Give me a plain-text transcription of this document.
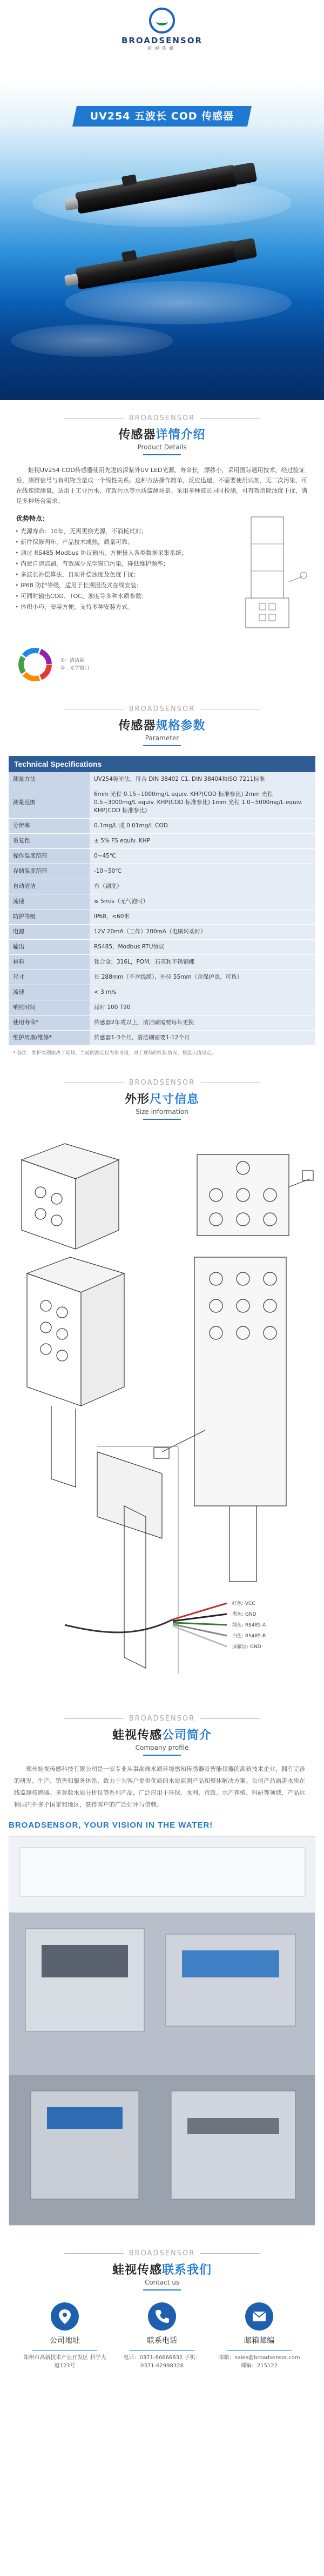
BROADSENSOR
蛙视传感
UV254 五波长 COD 传感器
BROADSENSOR
传感器详情介绍
Product Details

蛙视UV254 COD传感器使用先进的深紫外UV LED光源，寿命长，漂移小，采用国际通用技术，经过验证后，测得信号与有机物含量成一个线性关系。这种方法操作简单，反应迅速，不需要使用试剂，无二次污染，可在线连续测量，适用于工业污水、市政污水等水质监测场景。采用多种波长同时检测，可有效消除浊度干扰，满足多种场合需求。

优势特点：
• 光源寿命：10年，无需更换光源，不消耗试剂；
• 新件保修两年，产品技术成熟，质量可靠；
• 通过 RS485 Modbus 协议输出，方便接入各类数据采集系统；
• 内置自清洁刷，有效减少光学窗口污染，降低维护频率；
• 多波长补偿算法，自动补偿浊度及色度干扰；
• IP68 防护等级，适用于长期浸没式在线安装；
• 可同时输出COD、TOC、浊度等多种水质参数；
• 体积小巧，安装方便，支持多种安装方式。
①：清洁刷
②：光学窗口
BROADSENSOR
传感器规格参数
Parameter
Technical Specifications
测量方法	UV254吸光法，符合 DIN 38402 C1, DIN 38404和ISO 7211标准
测量范围	6mm 光程 0.15~1000mg/L equiv. KHP(COD 标准参比) 2mm 光程 0.5~3000mg/L equiv. KHP(COD 标准参比) 1mm 光程 1.0~5000mg/L equiv. KHP(COD 标准参比)
分辨率	0.1mg/L 或 0.01mg/L COD
重复性	± 5% FS equiv. KHP
操作温度范围	0~45℃
存储温度范围	-10~50℃
自动清洁	有（刷洗）
流速	≤ 5m/s（无气泡时）
防护等级	IP68，<60米
电源	12V 20mA（工作）200mA（电刷转动时）
输出	RS485，Modbus RTU协议
材料	钛合金，316L，POM，石英和不锈钢螺
尺寸	长 288mm（不含线缆），外径 55mm（含保护罩，可选）
流速	< 3 m/s
响应时间	届时 100 T90
使用寿命*	传感器2年或以上，清洁刷需要每年更换
维护周期/维修*	传感器1-3个月，清洁刷需要1-12个月
* 备注：维护周期取决于现场，当前的测定仅为参考值，对于现场的实际情况，按最大值设定。
BROADSENSOR
外形尺寸信息
Size information
红色: VCC
黑色: GND
绿色: RS485-A
白色: RS485-B
屏蔽层: GND
BROADSENSOR
蛙视传感公司简介
Company profile

郑州蛙视传感科技有限公司是一家专业从事高端水质环境感知传感器及智能仪器的高新技术企业，拥有完善的研发、生产、销售和服务体系，致力于为客户提供优质的水质监测产品和整体解决方案。公司产品涵盖水质在线监测传感器、多参数水质分析仪等系列产品，广泛应用于环保、水利、市政、水产养殖、科研等领域，产品远销国内外多个国家和地区，获得客户的广泛好评与信赖。

BROADSENSOR, YOUR VISION IN THE WATER!
BROADSENSOR
蛙视传感联系我们
Contact us
公司地址
郑州市高新技术产业开发区 科学大道123号
联系电话
电话：0371-86666832 手机：0371-62998328
邮箱邮编
邮箱：sales@broadsensor.com 邮编：215122
